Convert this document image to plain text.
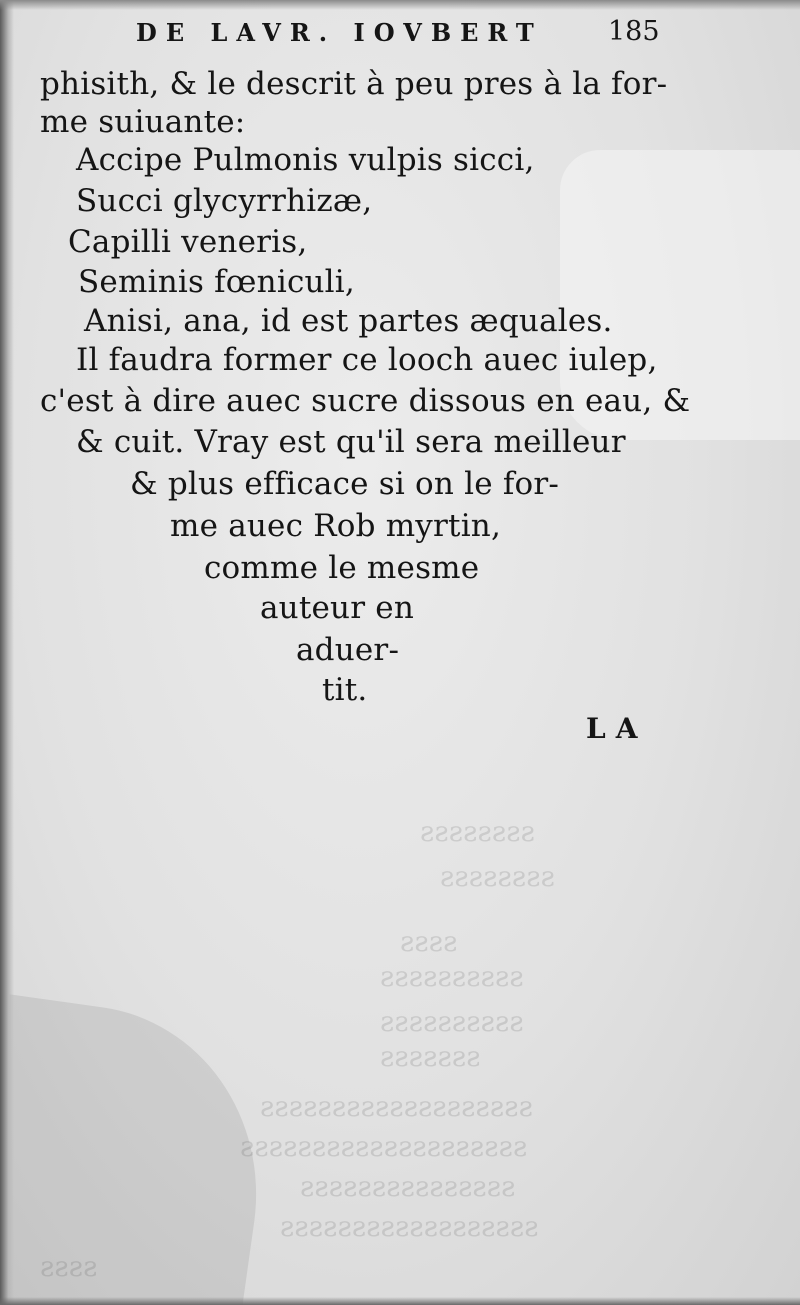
ssssssss
ssssssss
ssss
ssssssssss
ssssssssss
sssssss
sssssssssssssssssss
ssssssssssssssssssss
sssssssssssssss
ssssssssssssssssss
ssss
DE LAVR. IOVBERT 185
phisith, & le descrit à peu pres à la for-
me suiuante:
Accipe Pulmonis vulpis sicci,
Succi glycyrrhizæ,
Capilli veneris,
Seminis fœniculi,
Anisi, ana, id est partes æquales.
Il faudra former ce looch auec iulep,
c'est à dire auec sucre dissous en eau, &
& cuit. Vray est qu'il sera meilleur
& plus efficace si on le for-
me auec Rob myrtin,
comme le mesme
auteur en
aduer-
tit.
LA
